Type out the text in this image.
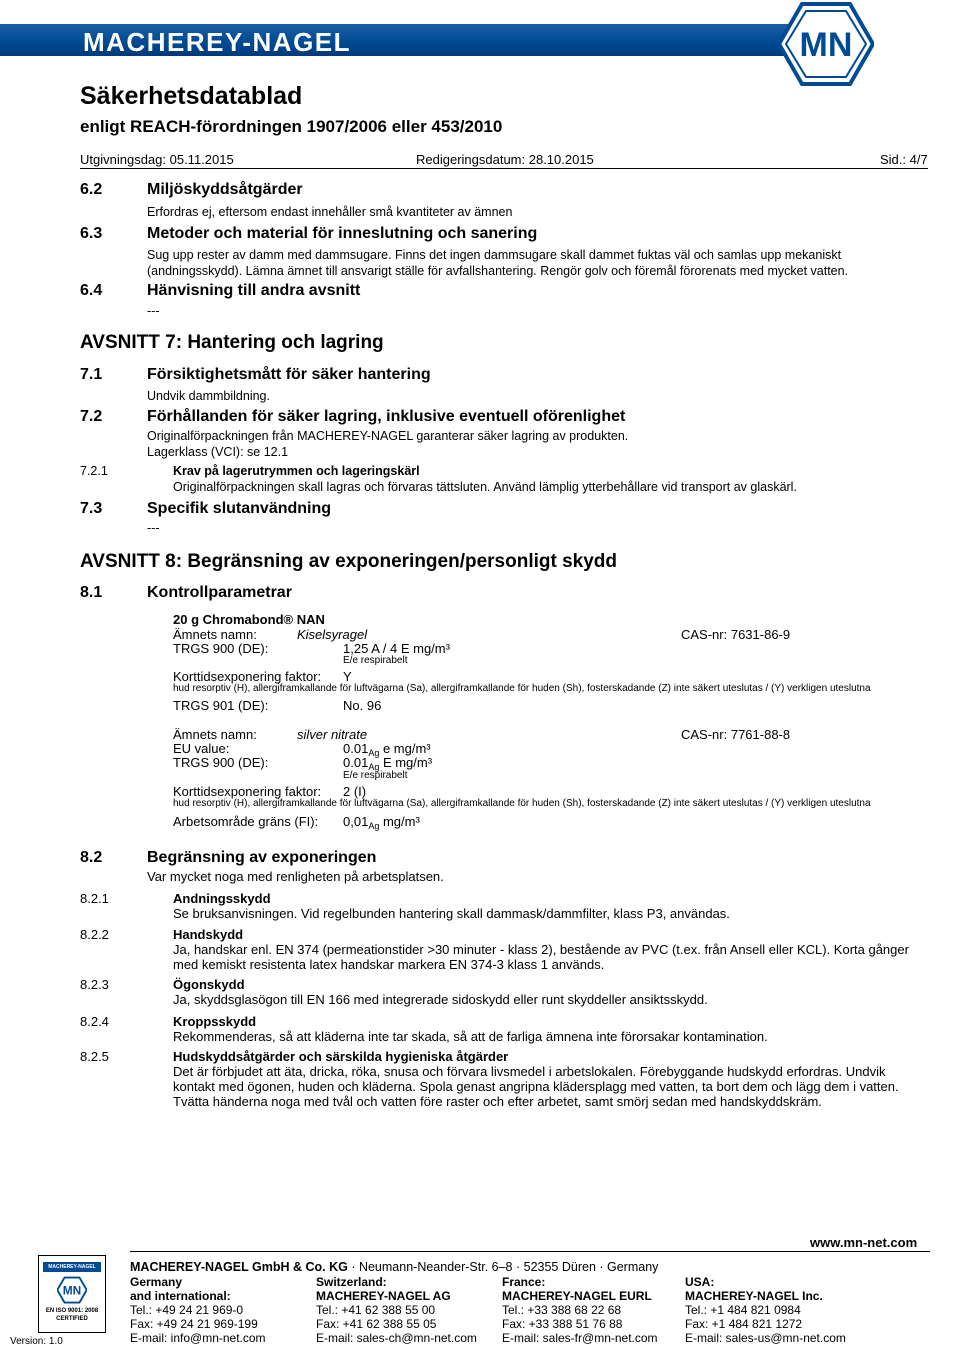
MACHEREY-NAGEL	MN
Säkerhetsdatablad
enligt REACH-förordningen 1907/2006 eller 453/2010
Utgivningsdag: 05.11.2015	Redigeringsdatum: 28.10.2015	Sid.: 4/7
6.2	Miljöskyddsåtgärder
Erfordras ej, eftersom endast innehåller små kvantiteter av ämnen
6.3	Metoder och material för inneslutning och sanering
Sug upp rester av damm med dammsugare. Finns det ingen dammsugare skall dammet fuktas väl och samlas upp mekaniskt
(andningsskydd). Lämna ämnet till ansvarigt ställe för avfallshantering. Rengör golv och föremål förorenats med mycket vatten.
6.4	Hänvisning till andra avsnitt
---
AVSNITT 7: Hantering och lagring
7.1	Försiktighetsmått för säker hantering
Undvik dammbildning.
7.2	Förhållanden för säker lagring, inklusive eventuell oförenlighet
Originalförpackningen från MACHEREY-NAGEL garanterar säker lagring av produkten.
Lagerklass (VCI): se 12.1
7.2.1	Krav på lagerutrymmen och lageringskärl
Originalförpackningen skall lagras och förvaras tättsluten. Använd lämplig ytterbehållare vid transport av glaskärl.
7.3	Specifik slutanvändning
---
AVSNITT 8: Begränsning av exponeringen/personligt skydd
8.1	Kontrollparametrar
20 g Chromabond® NAN
Ämnets namn:	Kiselsyragel	CAS-nr: 7631-86-9
TRGS 900 (DE):	1,25 A / 4 E mg/m³
E/e respirabelt
Korttidsexponering faktor: Y
hud resorptiv (H), allergiframkallande för luftvägarna (Sa), allergiframkallande för huden (Sh), fosterskadande (Z) inte säkert uteslutas / (Y) verkligen uteslutna
TRGS 901 (DE):	No. 96
Ämnets namn:	silver nitrate	CAS-nr: 7761-88-8
EU value:	$0.01_{Ag}$ e mg/m³
TRGS 900 (DE):	$0.01_{Ag}$ E mg/m³
E/e respirabelt
Korttidsexponering faktor: 2 (I)
hud resorptiv (H), allergiframkallande för luftvägarna (Sa), allergiframkallande för huden (Sh), fosterskadande (Z) inte säkert uteslutas / (Y) verkligen uteslutna
Arbetsområde gräns (FI): $0,01_{Ag}$ mg/m³
8.2	Begränsning av exponeringen
Var mycket noga med renligheten på arbetsplatsen.
8.2.1	Andningsskydd
Se bruksanvisningen. Vid regelbunden hantering skall dammask/dammfilter, klass P3, användas.
8.2.2	Handskydd
Ja, handskar enl. EN 374 (permeationstider >30 minuter - klass 2), bestående av PVC (t.ex. från Ansell eller KCL). Korta gånger
med kemiskt resistenta latex handskar markera EN 374-3 klass 1 används.
8.2.3	Ögonskydd
Ja, skyddsglasögon till EN 166 med integrerade sidoskydd eller runt skyddeller ansiktsskydd.
8.2.4	Kroppsskydd
Rekommenderas, så att kläderna inte tar skada, så att de farliga ämnena inte förorsakar kontamination.
8.2.5	Hudskyddsåtgärder och särskilda hygieniska åtgärder
Det är förbjudet att äta, dricka, röka, snusa och förvara livsmedel i arbetslokalen. Förebyggande hudskydd erfordras. Undvik
kontakt med ögonen, huden och kläderna. Spola genast angripna klädersplagg med vatten, ta bort dem och lägg dem i vatten.
Tvätta händerna noga med tvål och vatten före raster och efter arbetet, samt smörj sedan med handskyddskräm.
www.mn-net.com
MACHEREY-NAGEL
MN
EN ISO 9001: 2008
CERTIFIED
MACHEREY-NAGEL GmbH & Co. KG · Neumann-Neander-Str. 6–8 · 52355 Düren · Germany
Germany
and international:
Tel.: +49 24 21 969-0
Fax: +49 24 21 969-199
E-mail: info@mn-net.com
Switzerland:
MACHEREY-NAGEL AG
Tel.: +41 62 388 55 00
Fax: +41 62 388 55 05
E-mail: sales-ch@mn-net.com
France:
MACHEREY-NAGEL EURL
Tel.: +33 388 68 22 68
Fax: +33 388 51 76 88
E-mail: sales-fr@mn-net.com
USA:
MACHEREY-NAGEL Inc.
Tel.: +1 484 821 0984
Fax: +1 484 821 1272
E-mail: sales-us@mn-net.com
Version: 1.0
